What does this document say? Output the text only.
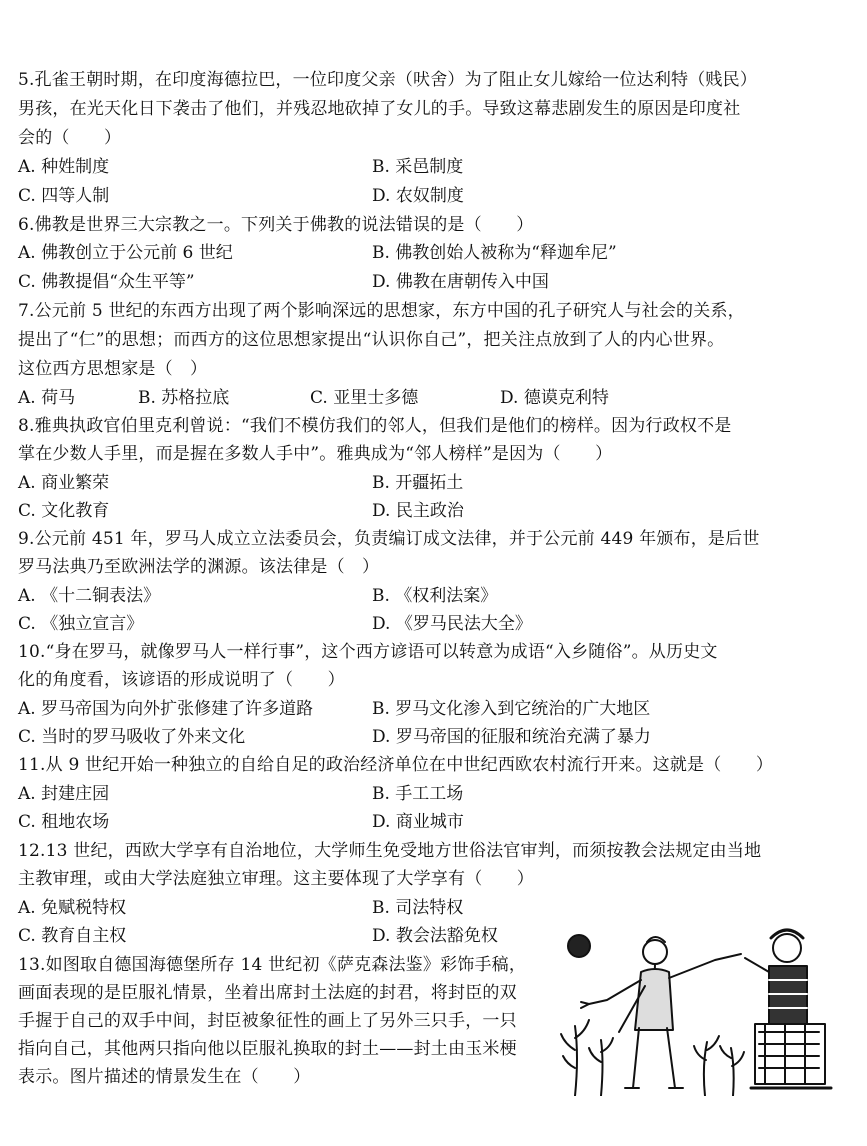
5.孔雀王朝时期，在印度海德拉巴，一位印度父亲（吠舍）为了阻止女儿嫁给一位达利特（贱民）
男孩，在光天化日下袭击了他们，并残忍地砍掉了女儿的手。导致这幕悲剧发生的原因是印度社
会的（　　）
A. 种姓制度	B. 采邑制度
C. 四等人制	D. 农奴制度
6.佛教是世界三大宗教之一。下列关于佛教的说法错误的是（　　）
A. 佛教创立于公元前 6 世纪	B. 佛教创始人被称为“释迦牟尼”
C. 佛教提倡“众生平等”	D. 佛教在唐朝传入中国
7.公元前 5 世纪的东西方出现了两个影响深远的思想家，东方中国的孔子研究人与社会的关系，
提出了“仁”的思想；而西方的这位思想家提出“认识你自己”，把关注点放到了人的内心世界。
这位西方思想家是（　）
A. 荷马	B. 苏格拉底	C. 亚里士多德	D. 德谟克利特
8.雅典执政官伯里克利曾说：“我们不模仿我们的邻人，但我们是他们的榜样。因为行政权不是
掌在少数人手里，而是握在多数人手中”。雅典成为“邻人榜样”是因为（　　）
A. 商业繁荣	B. 开疆拓土
C. 文化教育	D. 民主政治
9.公元前 451 年，罗马人成立立法委员会，负责编订成文法律，并于公元前 449 年颁布，是后世
罗马法典乃至欧洲法学的渊源。该法律是（　）
A. 《十二铜表法》	B. 《权利法案》
C. 《独立宣言》	D. 《罗马民法大全》
10.“身在罗马，就像罗马人一样行事”，这个西方谚语可以转意为成语“入乡随俗”。从历史文
化的角度看，该谚语的形成说明了（　　）
A. 罗马帝国为向外扩张修建了许多道路	B. 罗马文化渗入到它统治的广大地区
C. 当时的罗马吸收了外来文化	D. 罗马帝国的征服和统治充满了暴力
11.从 9 世纪开始一种独立的自给自足的政治经济单位在中世纪西欧农村流行开来。这就是（　　）
A. 封建庄园	B. 手工工场
C. 租地农场	D. 商业城市
12.13 世纪，西欧大学享有自治地位，大学师生免受地方世俗法官审判，而须按教会法规定由当地
主教审理，或由大学法庭独立审理。这主要体现了大学享有（　　）
A. 免赋税特权	B. 司法特权
C. 教育自主权	D. 教会法豁免权
13.如图取自德国海德堡所存 14 世纪初《萨克森法鉴》彩饰手稿，
画面表现的是臣服礼情景，坐着出席封土法庭的封君，将封臣的双
手握于自己的双手中间，封臣被象征性的画上了另外三只手，一只
指向自己，其他两只指向他以臣服礼换取的封土——封土由玉米梗
表示。图片描述的情景发生在（　　）
